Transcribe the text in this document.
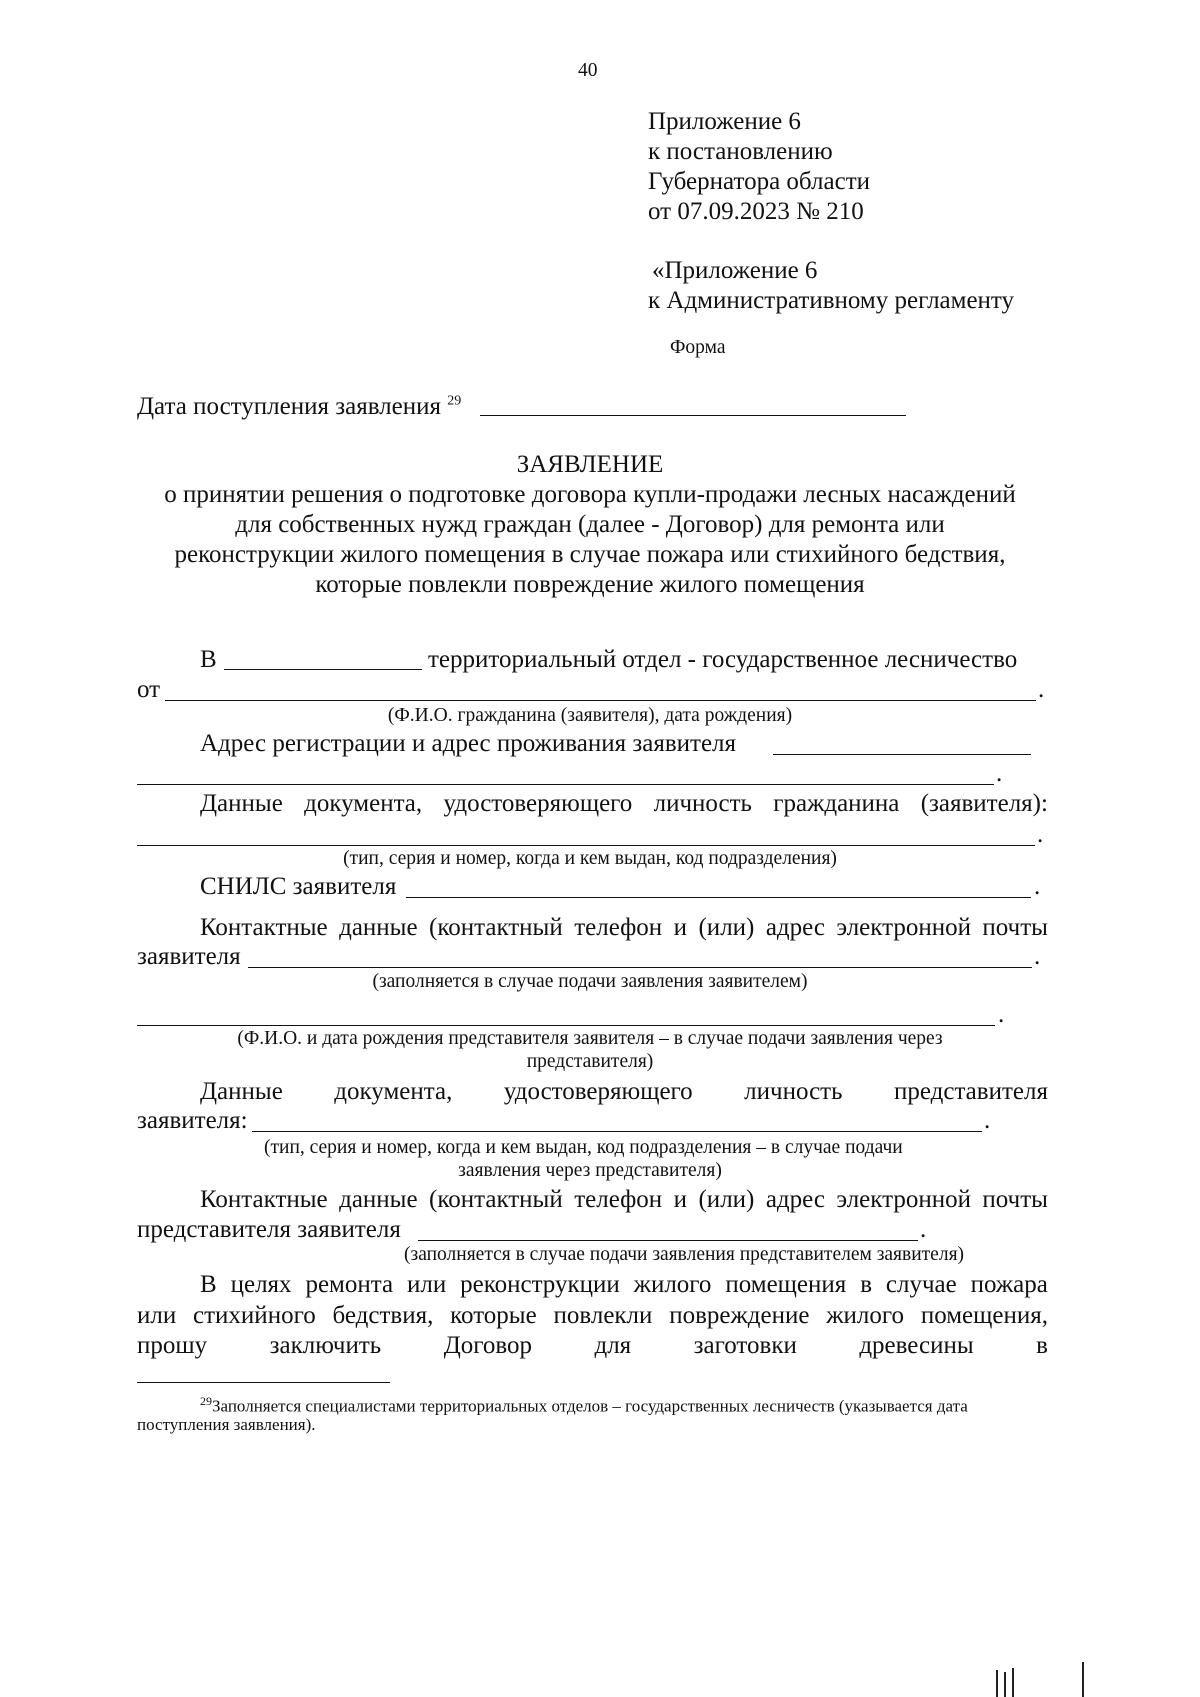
40
Приложение 6
к постановлению
Губернатора области
от 07.09.2023 № 210
«Приложение 6
к Административному регламенту
Форма
Дата поступления заявления $^{29}$
ЗАЯВЛЕНИЕ
о принятии решения о подготовке договора купли-продажи лесных насаждений
для собственных нужд граждан (далее - Договор) для ремонта или
реконструкции жилого помещения в случае пожара или стихийного бедствия,
которые повлекли повреждение жилого помещения
В	территориальный отдел - государственное лесничество
от	.
(Ф.И.О. гражданина (заявителя), дата рождения)
Адрес регистрации и адрес проживания заявителя
.
Данные документа, удостоверяющего личность гражданина (заявителя):
.
(тип, серия и номер, когда и кем выдан, код подразделения)
СНИЛС заявителя	.
Контактные данные (контактный телефон и (или) адрес электронной почты
заявителя	.
(заполняется в случае подачи заявления заявителем)
.
(Ф.И.О. и дата рождения представителя заявителя – в случае подачи заявления через
представителя)
Данные документа, удостоверяющего личность представителя
заявителя:	.
(тип, серия и номер, когда и кем выдан, код подразделения – в случае подачи
заявления через представителя)
Контактные данные (контактный телефон и (или) адрес электронной почты
представителя заявителя	.
(заполняется в случае подачи заявления представителем заявителя)
В целях ремонта или реконструкции жилого помещения в случае пожара
или стихийного бедствия, которые повлекли повреждение жилого помещения,
прошу заключить Договор для заготовки древесины в
$^{29}$Заполняется специалистами территориальных отделов – государственных лесничеств (указывается дата
поступления заявления).
